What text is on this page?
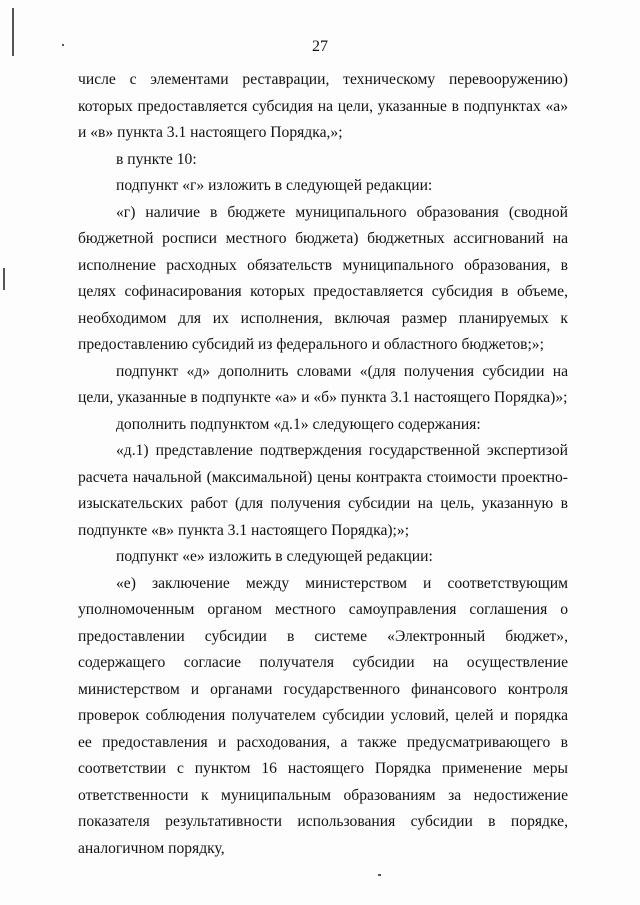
27

числе с элементами реставрации, техническому перевооружению) которых предоставляется субсидия на цели, указанные в подпунктах «а» и «в» пункта 3.1 настоящего Порядка,»;

в пункте 10:

подпункт «г» изложить в следующей редакции:

«г) наличие в бюджете муниципального образования (сводной бюджетной росписи местного бюджета) бюджетных ассигнований на исполнение расходных обязательств муниципального образования, в целях софинасирования которых предоставляется субсидия в объеме, необходимом для их исполнения, включая размер планируемых к предоставлению субсидий из федерального и областного бюджетов;»;

подпункт «д» дополнить словами «(для получения субсидии на цели, указанные в подпункте «а» и «б» пункта 3.1 настоящего Порядка)»;

дополнить подпунктом «д.1» следующего содержания:

«д.1) представление подтверждения государственной экспертизой расчета начальной (максимальной) цены контракта стоимости проектно-изыскательских работ (для получения субсидии на цель, указанную в подпункте «в» пункта 3.1 настоящего Порядка);»;

подпункт «е» изложить в следующей редакции:

«е) заключение между министерством и соответствующим уполномоченным органом местного самоуправления соглашения о предоставлении субсидии в системе «Электронный бюджет», содержащего согласие получателя субсидии на осуществление министерством и органами государственного финансового контроля проверок соблюдения получателем субсидии условий, целей и порядка ее предоставления и расходования, а также предусматривающего в соответствии с пунктом 16 настоящего Порядка применение меры ответственности к муниципальным образованиям за недостижение показателя результативности использования субсидии в порядке, аналогичном порядку,
